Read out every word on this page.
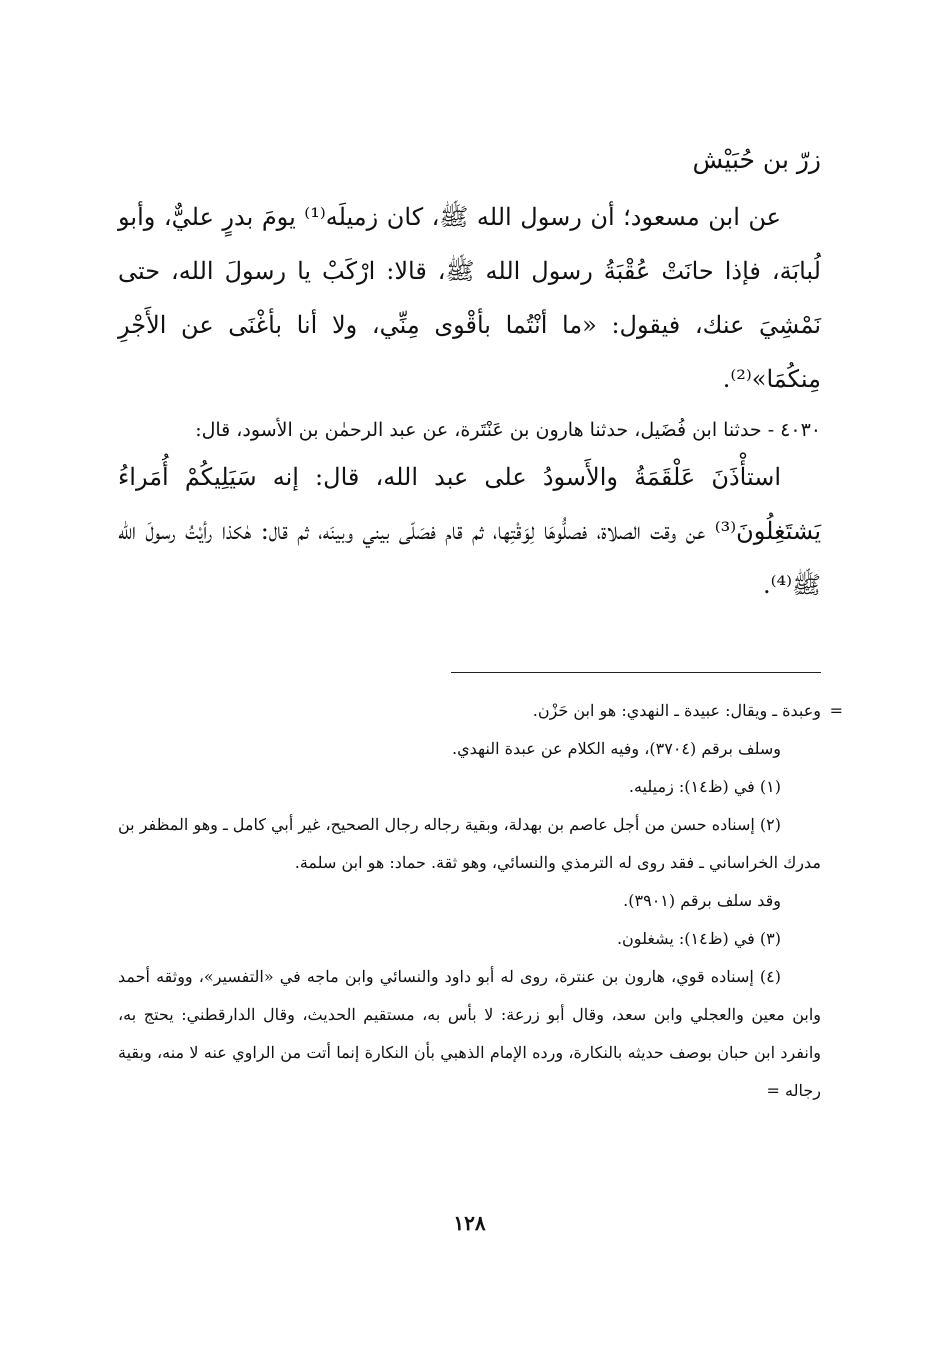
زرّ بن حُبَيْش

عن ابن مسعود؛ أن رسول الله ﷺ، كان زميلَه⁽¹⁾ يومَ بدرٍ عليٌّ، وأبو لُبابَة، فإذا حانَتْ عُقْبَةُ رسول الله ﷺ، قالا: ارْكَبْ يا رسولَ الله، حتى نَمْشِيَ عنك، فيقول: «ما أنْتُما بأقْوى مِنِّي، ولا أنا بأغْنَى عن الأَجْرِ مِنكُمَا»⁽²⁾.

٤٠٣٠ - حدثنا ابن فُضَيل، حدثنا هارون بن عَنْتَرة، عن عبد الرحمٰن بن الأسود، قال:

استأْذَنَ عَلْقَمَةُ والأَسودُ على عبد الله، قال: إنه سَيَلِيكُمْ أُمَراءُ يَشتَغِلُونَ⁽³⁾ عن وقت الصلاة، فصلُّوهَا لِوَقْتِها، ثم قام فصَلّى بيني وبينَه، ثم قال: هٰكذا رأيْتُ رسولَ الله ﷺ⁽⁴⁾.

=

وعبدة ـ ويقال: عبيدة ـ النهدي: هو ابن حَزْن.

وسلف برقم (٣٧٠٤)، وفيه الكلام عن عبدة النهدي.

(١) في (ظ١٤): زميليه.

(٢) إسناده حسن من أجل عاصم بن بهدلة، وبقية رجاله رجال الصحيح، غير أبي كامل ـ وهو المظفر بن مدرك الخراساني ـ فقد روى له الترمذي والنسائي، وهو ثقة. حماد: هو ابن سلمة.

وقد سلف برقم (٣٩٠١).

(٣) في (ظ١٤): يشغلون.

(٤) إسناده قوي، هارون بن عنترة، روى له أبو داود والنسائي وابن ماجه في «التفسير»، ووثقه أحمد وابن معين والعجلي وابن سعد، وقال أبو زرعة: لا بأس به، مستقيم الحديث، وقال الدارقطني: يحتج به، وانفرد ابن حبان بوصف حديثه بالنكارة، ورده الإمام الذهبي بأن النكارة إنما أتت من الراوي عنه لا منه، وبقية رجاله =

١٢٨
